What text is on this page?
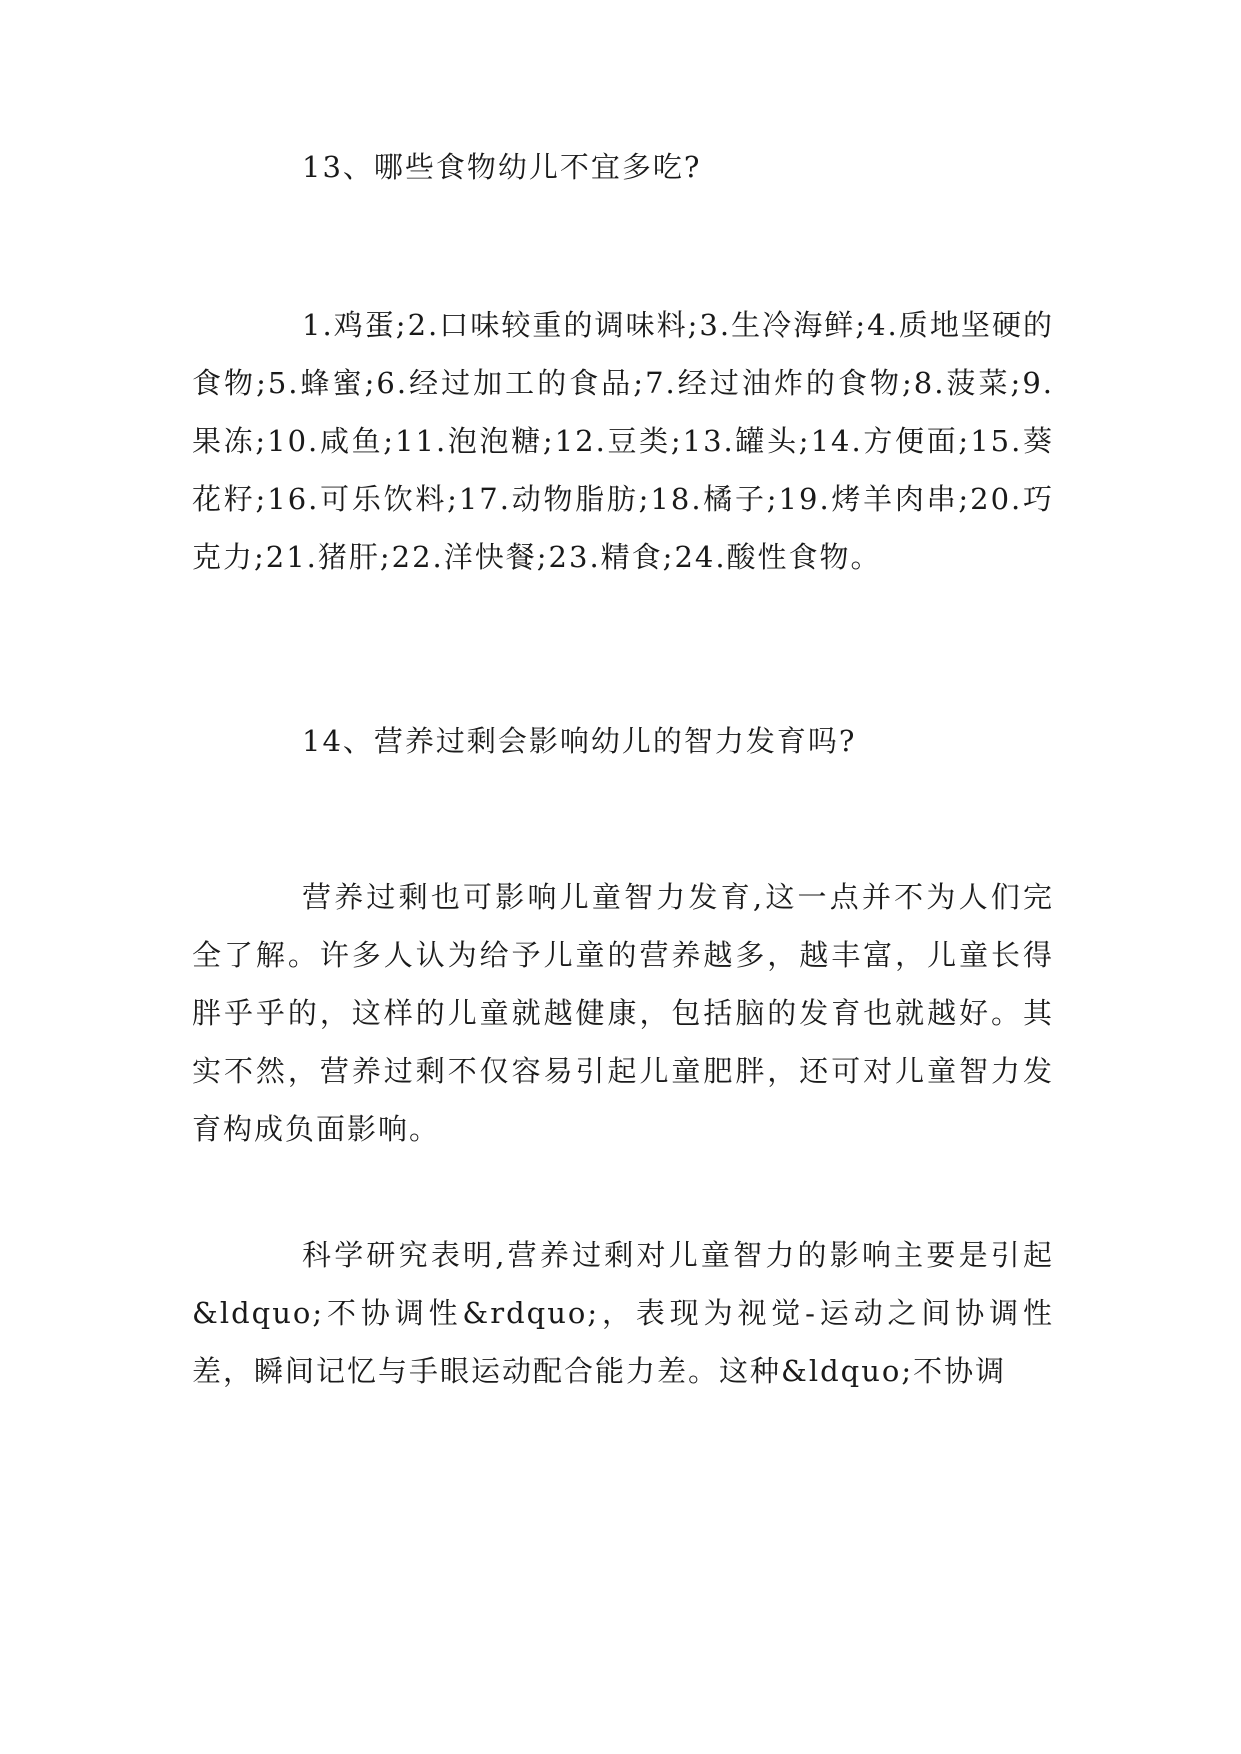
13、哪些食物幼儿不宜多吃?

1.鸡蛋;2.口味较重的调味料;3.生冷海鲜;4.质地坚硬的食物;5.蜂蜜;6.经过加工的食品;7.经过油炸的食物;8.菠菜;9.果冻;10.咸鱼;11.泡泡糖;12.豆类;13.罐头;14.方便面;15.葵花籽;16.可乐饮料;17.动物脂肪;18.橘子;19.烤羊肉串;20.巧克力;21.猪肝;22.洋快餐;23.精食;24.酸性食物。

14、营养过剩会影响幼儿的智力发育吗?

营养过剩也可影响儿童智力发育,这一点并不为人们完全了解。许多人认为给予儿童的营养越多，越丰富，儿童长得胖乎乎的，这样的儿童就越健康，包括脑的发育也就越好。其实不然，营养过剩不仅容易引起儿童肥胖，还可对儿童智力发育构成负面影响。

科学研究表明,营养过剩对儿童智力的影响主要是引起&ldquo;不协调性&rdquo;，表现为视觉-运动之间协调性差，瞬间记忆与手眼运动配合能力差。这种&ldquo;不协调
